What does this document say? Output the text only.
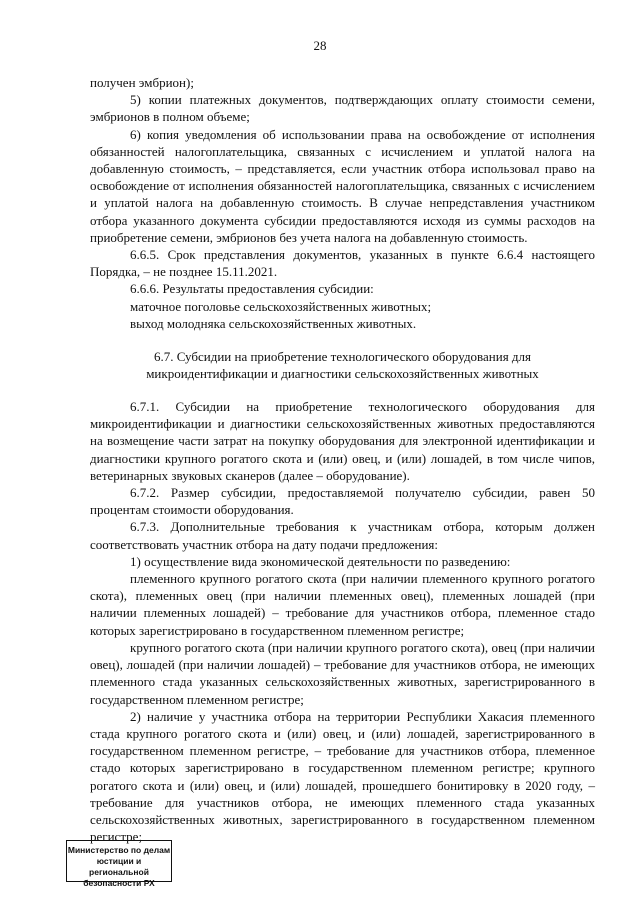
28

получен эмбрион);

5) копии платежных документов, подтверждающих оплату стоимости семени, эмбрионов в полном объеме;

6) копия уведомления об использовании права на освобождение от исполнения обязанностей налогоплательщика, связанных с исчислением и уплатой налога на добавленную стоимость, – представляется, если участник отбора использовал право на освобождение от исполнения обязанностей налогоплательщика, связанных с исчислением и уплатой налога на добавленную стоимость. В случае непредставления участником отбора указанного документа субсидии предоставляются исходя из суммы расходов на приобретение семени, эмбрионов без учета налога на добавленную стоимость.

6.6.5. Срок представления документов, указанных в пункте 6.6.4 настоящего Порядка, – не позднее 15.11.2021.

6.6.6. Результаты предоставления субсидии:

маточное поголовье сельскохозяйственных животных;

выход молодняка сельскохозяйственных животных.

6.7. Субсидии на приобретение технологического оборудования для микроидентификации и диагностики сельскохозяйственных животных

6.7.1. Субсидии на приобретение технологического оборудования для микроидентификации и диагностики сельскохозяйственных животных предоставляются на возмещение части затрат на покупку оборудования для электронной идентификации и диагностики крупного рогатого скота и (или) овец, и (или) лошадей, в том числе чипов, ветеринарных звуковых сканеров (далее – оборудование).

6.7.2. Размер субсидии, предоставляемой получателю субсидии, равен 50 процентам стоимости оборудования.

6.7.3. Дополнительные требования к участникам отбора, которым должен соответствовать участник отбора на дату подачи предложения:

1) осуществление вида экономической деятельности по разведению:

племенного крупного рогатого скота (при наличии племенного крупного рогатого скота), племенных овец (при наличии племенных овец), племенных лошадей (при наличии племенных лошадей) – требование для участников отбора, племенное стадо которых зарегистрировано в государственном племенном регистре;

крупного рогатого скота (при наличии крупного рогатого скота), овец (при наличии овец), лошадей (при наличии лошадей) – требование для участников отбора, не имеющих племенного стада указанных сельскохозяйственных животных, зарегистрированного в государственном племенном регистре;

2) наличие у участника отбора на территории Республики Хакасия племенного стада крупного рогатого скота и (или) овец, и (или) лошадей, зарегистрированного в государственном племенном регистре, – требование для участников отбора, племенное стадо которых зарегистрировано в государственном племенном регистре; крупного рогатого скота и (или) овец, и (или) лошадей, прошедшего бонитировку в 2020 году, – требование для участников отбора, не имеющих племенного стада указанных сельскохозяйственных животных, зарегистрированного в государственном племенном регистре;

Министерство по делам
юстиции и региональной
безопасности РХ
